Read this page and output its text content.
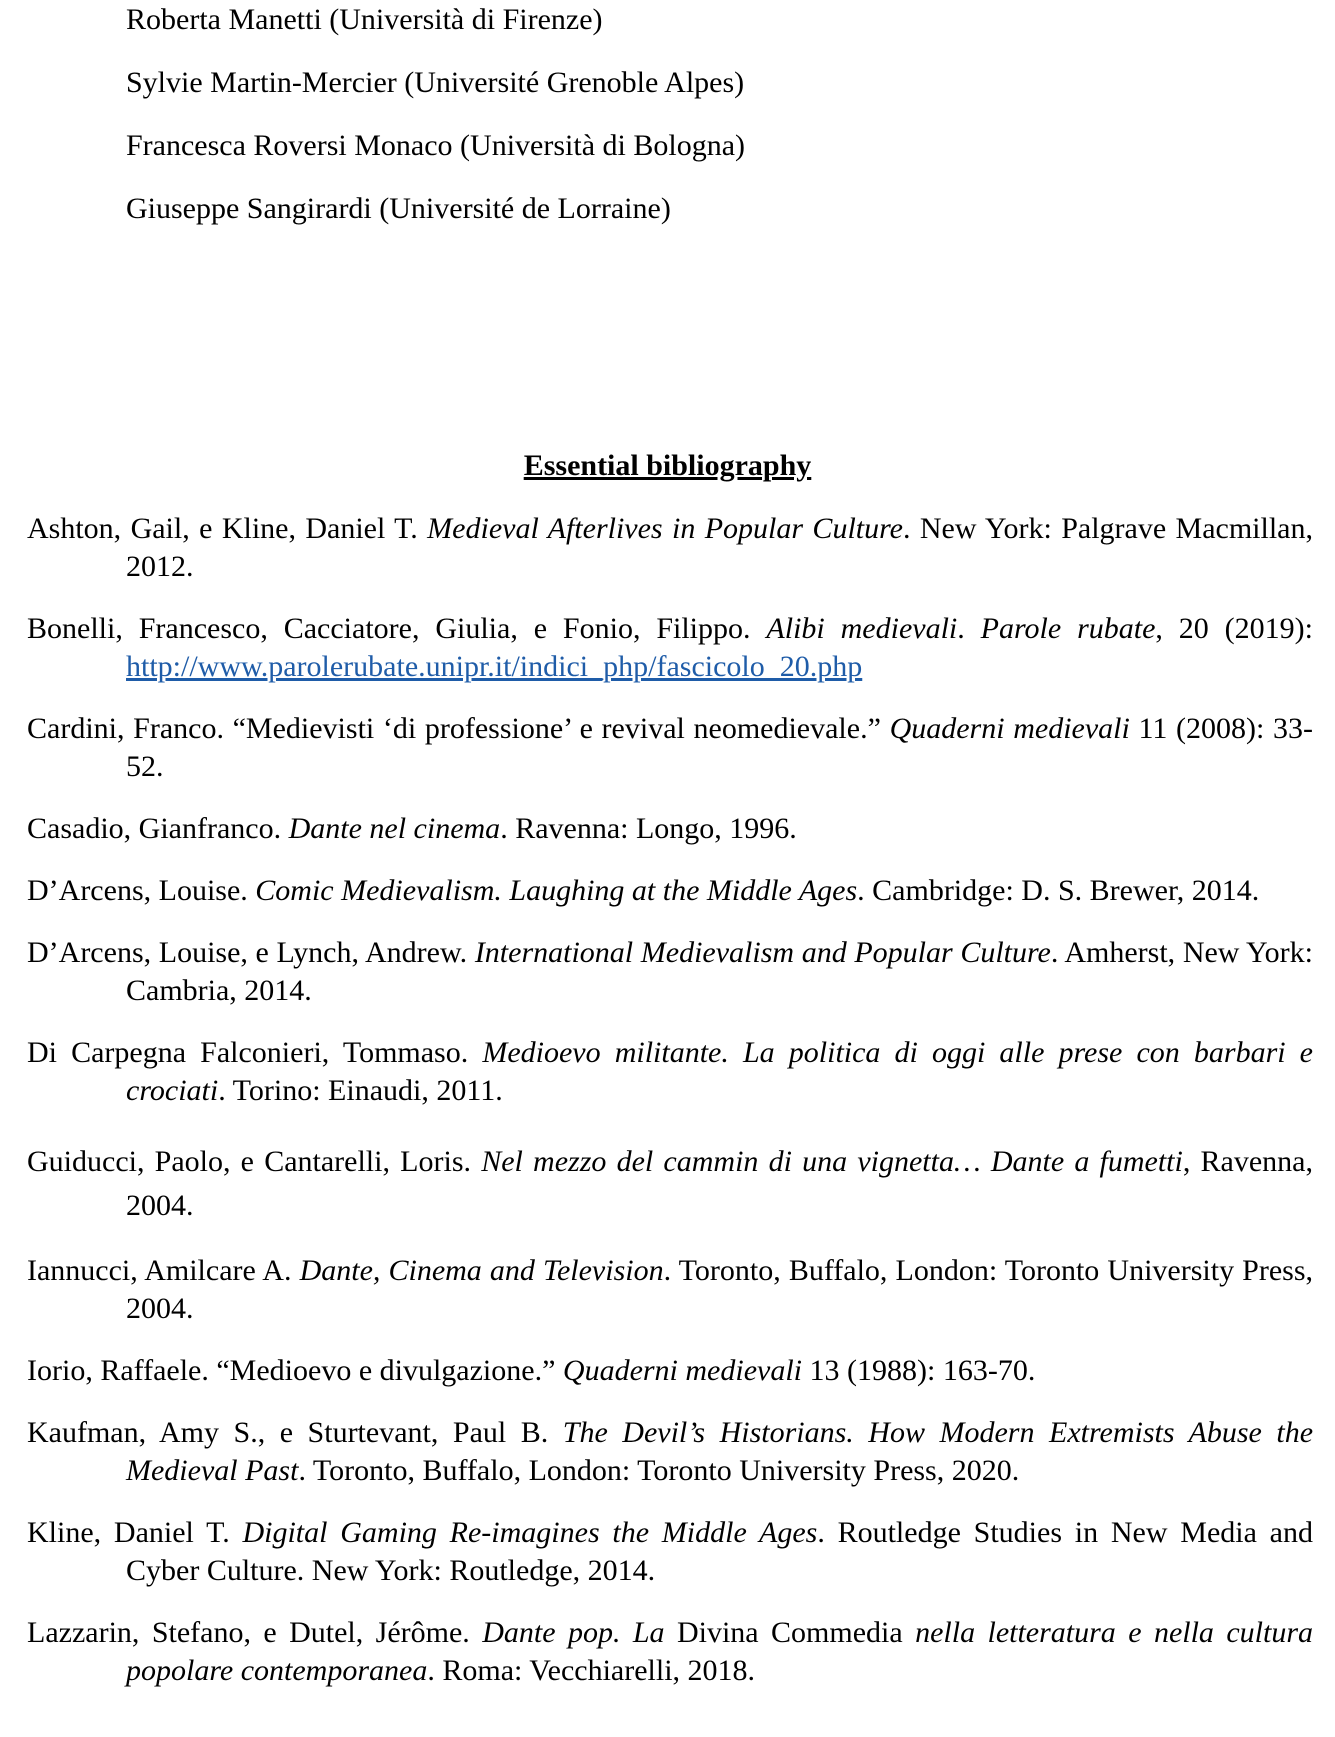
Roberta Manetti (Università di Firenze)
Sylvie Martin-Mercier (Université Grenoble Alpes)
Francesca Roversi Monaco (Università di Bologna)
Giuseppe Sangirardi (Université de Lorraine)
Essential bibliography
Ashton, Gail, e Kline, Daniel T. Medieval Afterlives in Popular Culture. New York: Palgrave Macmillan, 2012.
Bonelli, Francesco, Cacciatore, Giulia, e Fonio, Filippo. Alibi medievali. Parole rubate, 20 (2019): http://www.parolerubate.unipr.it/indici_php/fascicolo_20.php
Cardini, Franco. “Medievisti ‘di professione’ e revival neomedievale.” Quaderni medievali 11 (2008): 33-52.
Casadio, Gianfranco. Dante nel cinema. Ravenna: Longo, 1996.
D’Arcens, Louise. Comic Medievalism. Laughing at the Middle Ages. Cambridge: D. S. Brewer, 2014.
D’Arcens, Louise, e Lynch, Andrew. International Medievalism and Popular Culture. Amherst, New York: Cambria, 2014.
Di Carpegna Falconieri, Tommaso. Medioevo militante. La politica di oggi alle prese con barbari e crociati. Torino: Einaudi, 2011.
Guiducci, Paolo, e Cantarelli, Loris. Nel mezzo del cammin di una vignetta… Dante a fumetti, Ravenna, 2004.
Iannucci, Amilcare A. Dante, Cinema and Television. Toronto, Buffalo, London: Toronto University Press, 2004.
Iorio, Raffaele. “Medioevo e divulgazione.” Quaderni medievali 13 (1988): 163-70.
Kaufman, Amy S., e Sturtevant, Paul B. The Devil’s Historians. How Modern Extremists Abuse the Medieval Past. Toronto, Buffalo, London: Toronto University Press, 2020.
Kline, Daniel T. Digital Gaming Re-imagines the Middle Ages. Routledge Studies in New Media and Cyber Culture. New York: Routledge, 2014.
Lazzarin, Stefano, e Dutel, Jérôme. Dante pop. La Divina Commedia nella letteratura e nella cultura popolare contemporanea. Roma: Vecchiarelli, 2018.
